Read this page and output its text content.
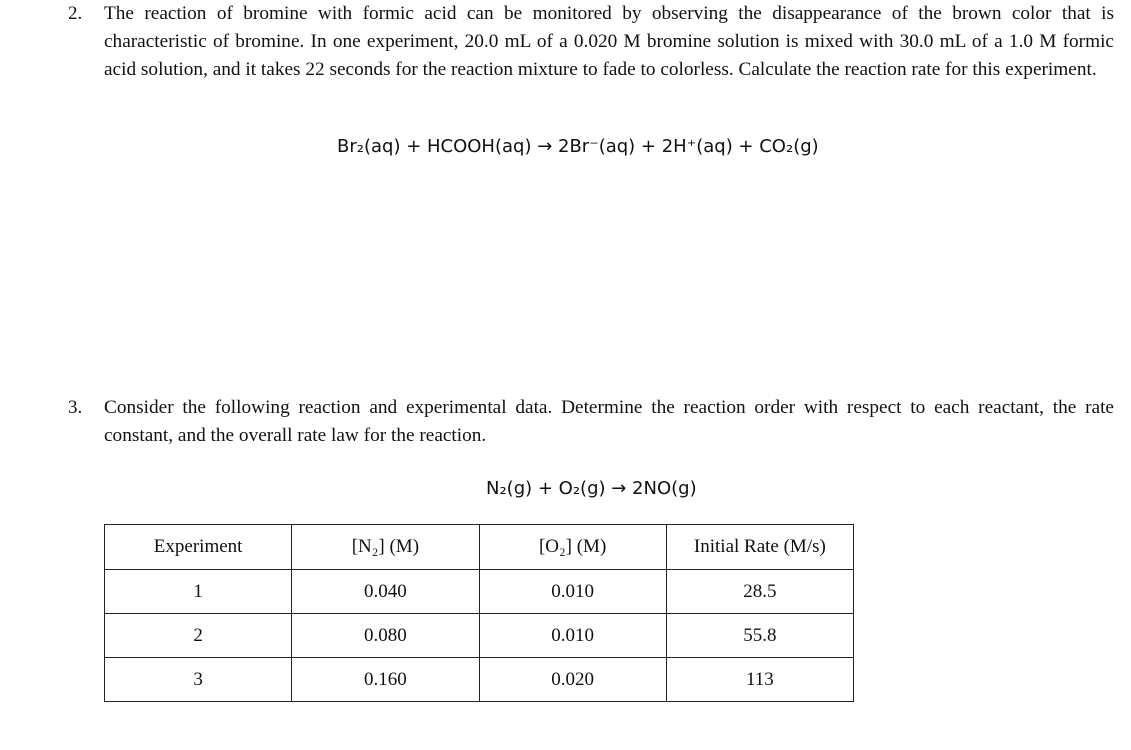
2. The reaction of bromine with formic acid can be monitored by observing the disappearance of the brown color that is characteristic of bromine. In one experiment, 20.0 mL of a 0.020 M bromine solution is mixed with 30.0 mL of a 1.0 M formic acid solution, and it takes 22 seconds for the reaction mixture to fade to colorless. Calculate the reaction rate for this experiment.

Br₂(aq) + HCOOH(aq) → 2Br⁻(aq) + 2H⁺(aq) + CO₂(g)
3. Consider the following reaction and experimental data. Determine the reaction order with respect to each reactant, the rate constant, and the overall rate law for the reaction.

N₂(g) + O₂(g) → 2NO(g)
Experiment	[N₂] (M)	[O₂] (M)	Initial Rate (M/s)
1	0.040	0.010	28.5
2	0.080	0.010	55.8
3	0.160	0.020	113
